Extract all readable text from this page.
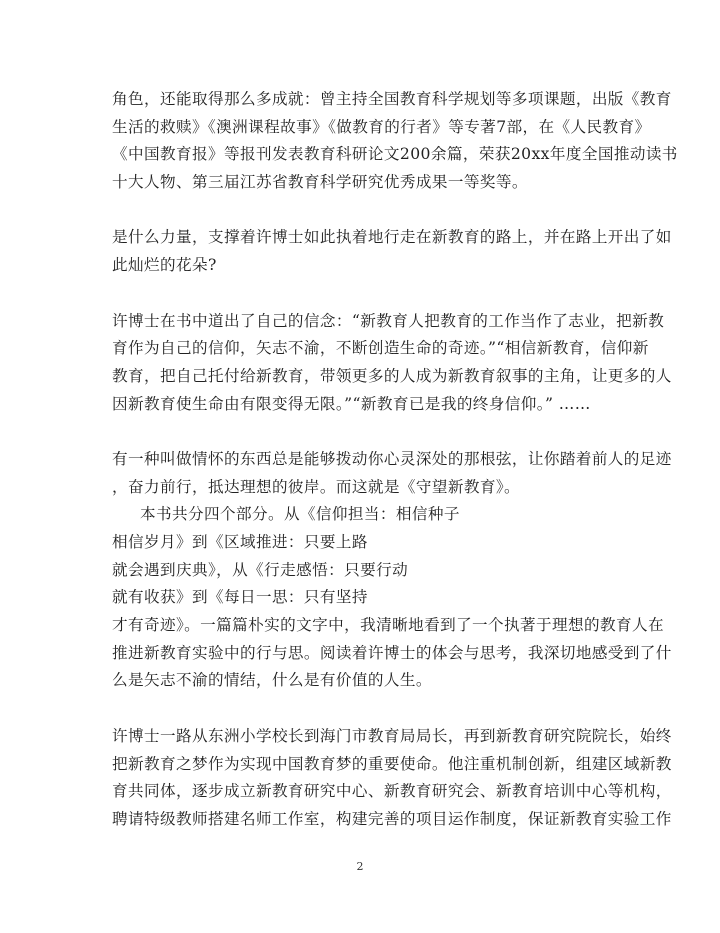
角色，还能取得那么多成就：曾主持全国教育科学规划等多项课题，出版《教育
生活的救赎》《澳洲课程故事》《做教育的行者》等专著7部，在《人民教育》
《中国教育报》等报刊发表教育科研论文200余篇，荣获20xx年度全国推动读书
十大人物、第三届江苏省教育科学研究优秀成果一等奖等。
是什么力量，支撑着许博士如此执着地行走在新教育的路上，并在路上开出了如
此灿烂的花朵?
许博士在书中道出了自己的信念：“新教育人把教育的工作当作了志业，把新教
育作为自己的信仰，矢志不渝，不断创造生命的奇迹。”“相信新教育，信仰新
教育，把自己托付给新教育，带领更多的人成为新教育叙事的主角，让更多的人
因新教育使生命由有限变得无限。”“新教育已是我的终身信仰。” ……
有一种叫做情怀的东西总是能够拨动你心灵深处的那根弦，让你踏着前人的足迹
，奋力前行，抵达理想的彼岸。而这就是《守望新教育》。
本书共分四个部分。从《信仰担当：相信种子
相信岁月》到《区域推进：只要上路
就会遇到庆典》，从《行走感悟：只要行动
就有收获》到《每日一思：只有坚持
才有奇迹》。一篇篇朴实的文字中，我清晰地看到了一个执著于理想的教育人在
推进新教育实验中的行与思。阅读着许博士的体会与思考，我深切地感受到了什
么是矢志不渝的情结，什么是有价值的人生。
许博士一路从东洲小学校长到海门市教育局局长，再到新教育研究院院长，始终
把新教育之梦作为实现中国教育梦的重要使命。他注重机制创新，组建区域新教
育共同体，逐步成立新教育研究中心、新教育研究会、新教育培训中心等机构，
聘请特级教师搭建名师工作室，构建完善的项目运作制度，保证新教育实验工作
2
